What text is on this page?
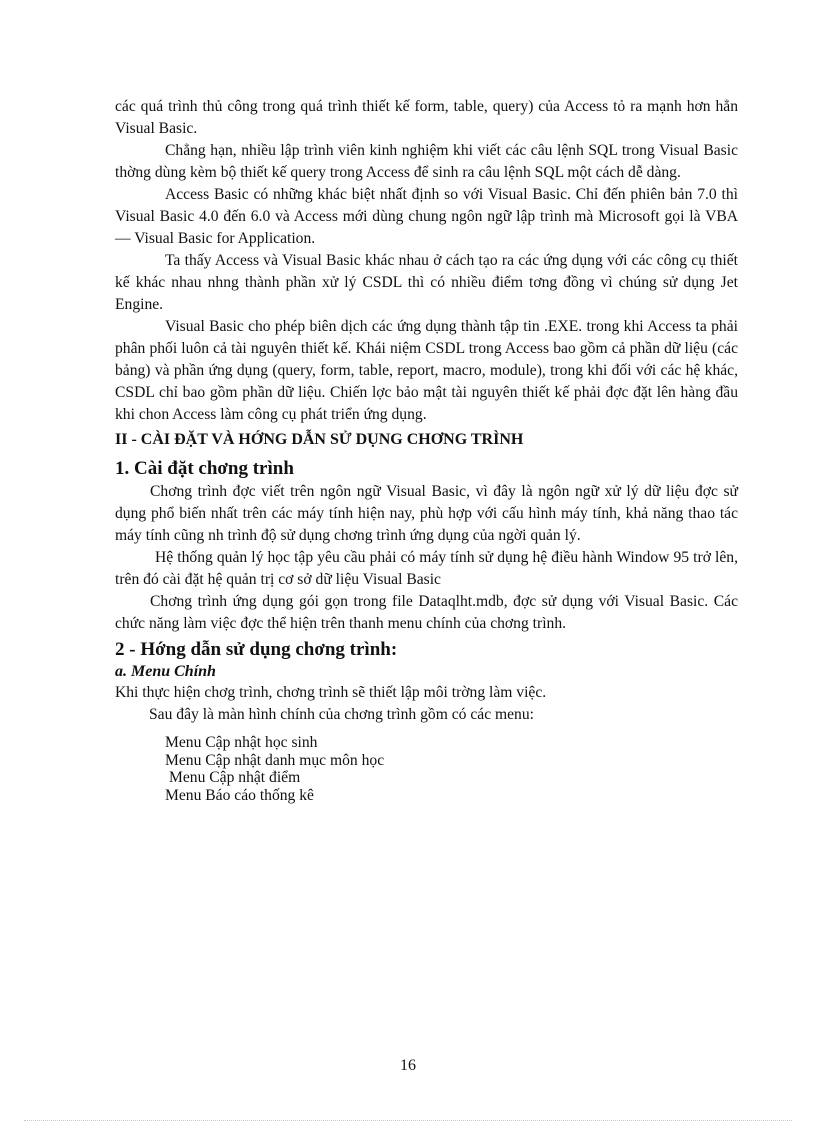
các quá trình thủ công trong quá trình thiết kế form, table, query) của Access tỏ ra mạnh hơn hẳn Visual Basic.

Chẳng hạn, nhiều lập trình viên kinh nghiệm khi viết các câu lệnh SQL trong Visual Basic thờng dùng kèm bộ thiết kế query trong Access để sinh ra câu lệnh SQL một cách dễ dàng.

Access Basic có những khác biệt nhất định so với Visual Basic. Chỉ đến phiên bản 7.0 thì Visual Basic 4.0 đến 6.0 và Access mới dùng chung ngôn ngữ lập trình mà Microsoft gọi là VBA — Visual Basic for Application.

Ta thấy Access và Visual Basic khác nhau ở cách tạo ra các ứng dụng với các công cụ thiết kế khác nhau nhng thành phần xử lý CSDL thì có nhiều điểm tơng đồng vì chúng sử dụng Jet Engine.

Visual Basic cho phép biên dịch các ứng dụng thành tập tin .EXE. trong khi Access ta phải phân phối luôn cả tài nguyên thiết kế. Khái niệm CSDL trong Access bao gồm cả phần dữ liệu (các bảng) và phần ứng dụng (query, form, table, report, macro, module), trong khi đối với các hệ khác, CSDL chỉ bao gồm phần dữ liệu. Chiến lợc bảo mật tài nguyên thiết kế phải đợc đặt lên hàng đầu khi chon Access làm công cụ phát triển ứng dụng.

II - CÀI ĐẶT VÀ HỚNG DẪN SỬ DỤNG CHƠNG TRÌNH
1. Cài đặt chơng trình

Chơng trình đợc viết trên ngôn ngữ Visual Basic, vì đây là ngôn ngữ xử lý dữ liệu đợc sử dụng phổ biến nhất trên các máy tính hiện nay, phù hợp với cấu hình máy tính, khả năng thao tác máy tính cũng nh trình độ sử dụng chơng trình ứng dụng của ngời quản lý.

Hệ thống quản lý học tập yêu cầu phải có máy tính sử dụng hệ điều hành Window 95 trở lên, trên đó cài đặt hệ quản trị cơ sở dữ liệu Visual Basic

Chơng trình ứng dụng gói gọn trong file Dataqlht.mdb, đợc sử dụng với Visual Basic. Các chức năng làm việc đợc thể hiện trên thanh menu chính của chơng trình.

2 - Hớng dẫn sử dụng chơng trình:
a. Menu Chính

Khi thực hiện chơg trình, chơng trình sẽ thiết lập môi trờng làm việc.

Sau đây là màn hình chính của chơng trình gồm có các menu:

Menu Cập nhật học sinh
Menu Cập nhật danh mục môn học
Menu Cập nhật điểm
Menu Báo cáo thống kê
16
